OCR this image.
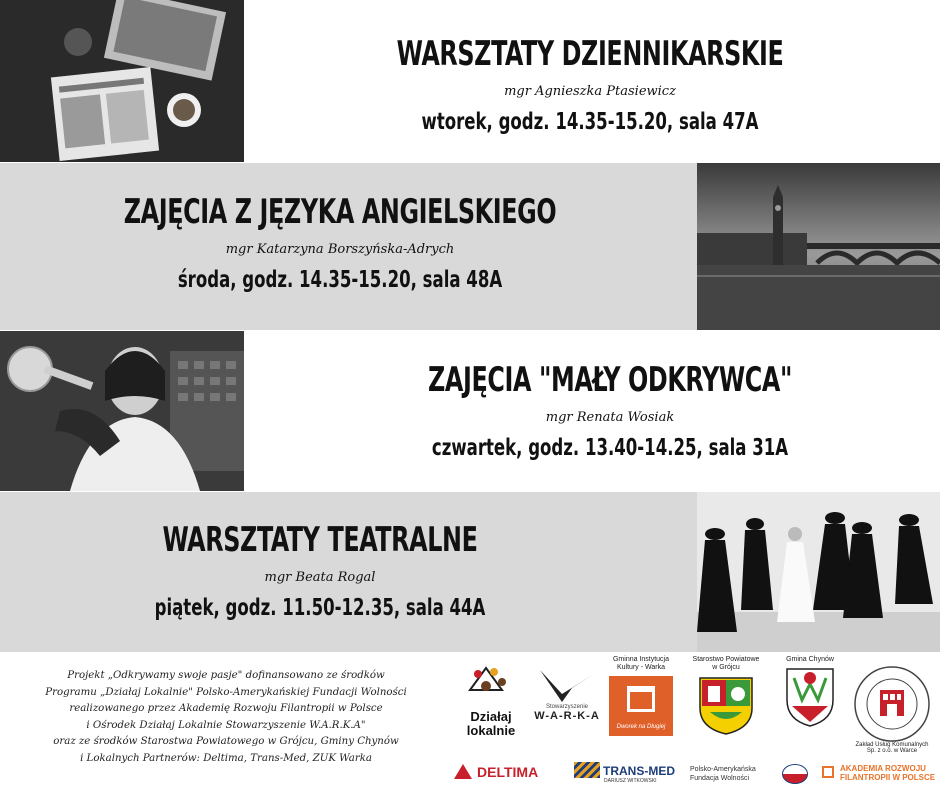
WARSZTATY DZIENNIKARSKIE
mgr Agnieszka Ptasiewicz
wtorek, godz. 14.35-15.20, sala 47A
ZAJĘCIA Z JĘZYKA ANGIELSKIEGO
mgr Katarzyna Borszyńska-Adrych
środa, godz. 14.35-15.20, sala 48A
ZAJĘCIA "MAŁY ODKRYWCA"
mgr Renata Wosiak
czwartek, godz. 13.40-14.25, sala 31A
WARSZTATY TEATRALNE
mgr Beata Rogal
piątek, godz. 11.50-12.35, sala 44A
Projekt „Odkrywamy swoje pasje" dofinansowano ze środków
Programu „Działaj Lokalnie" Polsko-Amerykańskiej Fundacji Wolności
realizowanego przez Akademię Rozwoju Filantropii w Polsce
i Ośrodek Działaj Lokalnie Stowarzyszenie W.A.R.K.A"
oraz ze środków Starostwa Powiatowego w Grójcu, Gminy Chynów
i Lokalnych Partnerów: Deltima, Trans-Med, ZUK Warka
Działaj lokalnie
Stowarzyszenie
W-A-R-K-A
Gminna Instytucja Kultury - Warka
Dworek na Długiej
Starostwo Powiatowe w Grójcu
Gmina Chynów
Zakład Usług Komunalnych Sp. z o.o. w Warce
DELTIMA	TRANS-MED
DARIUSZ WITKOWSKI
Polsko-Amerykańska
Fundacja Wolności
AKADEMIA ROZWOJU
FILANTROPII W POLSCE
